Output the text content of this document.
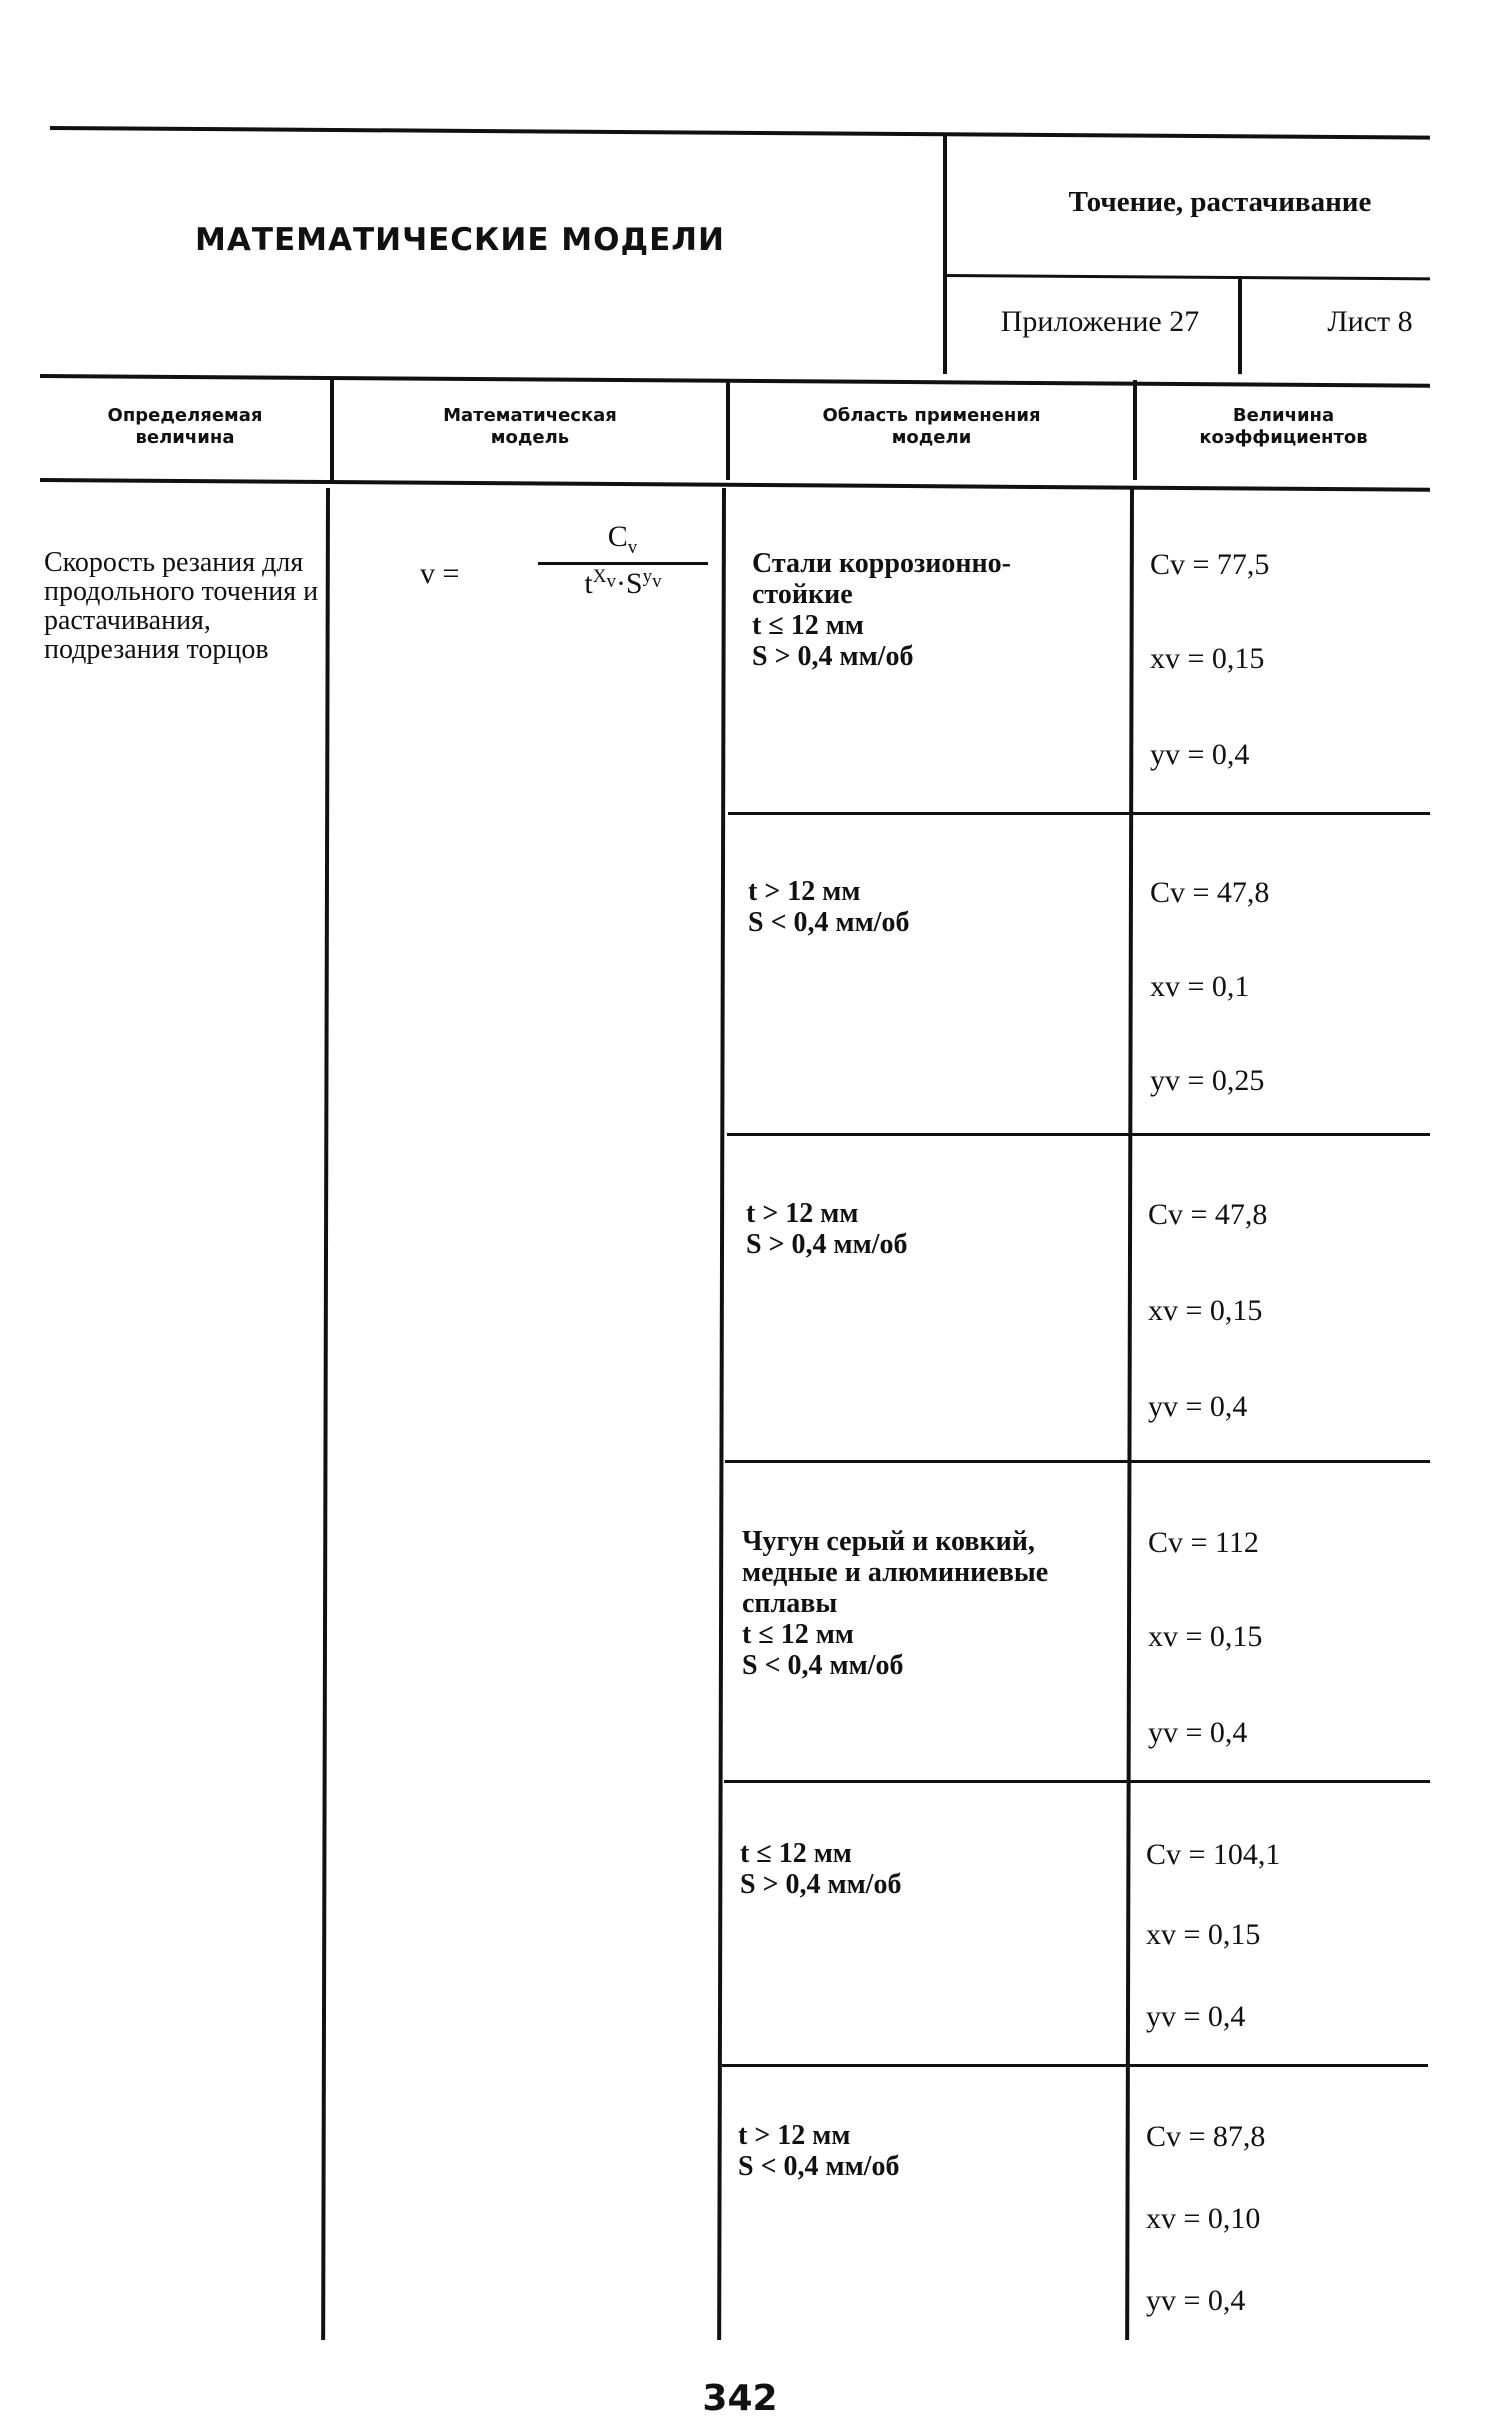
МАТЕМАТИЧЕСКИЕ МОДЕЛИ
Точение, растачивание
Приложение 27	Лист 8
Определяемая
величина
Математическая
модель
Область применения
модели
Величина
коэффициентов
Скорость резания для продольного точения и растачивания, подрезания торцов
v =
$C_v$
$t^{X_v}\cdot S^{y_v}$
Стали коррозионно-
стойкие
t ≤ 12 мм
S > 0,4 мм/об
t > 12 мм
S < 0,4 мм/об
t > 12 мм
S > 0,4 мм/об
Чугун серый и ковкий,
медные и алюминиевые
сплавы
t ≤ 12 мм
S < 0,4 мм/об
t ≤ 12 мм
S > 0,4 мм/об
t > 12 мм
S < 0,4 мм/об
Cv = 77,5
xv = 0,15
yv = 0,4
Cv = 47,8
xv = 0,1
yv = 0,25
Cv = 47,8
xv = 0,15
yv = 0,4
Cv = 112
xv = 0,15
yv = 0,4
Cv = 104,1
xv = 0,15
yv = 0,4
Cv = 87,8
xv = 0,10
yv = 0,4
342
